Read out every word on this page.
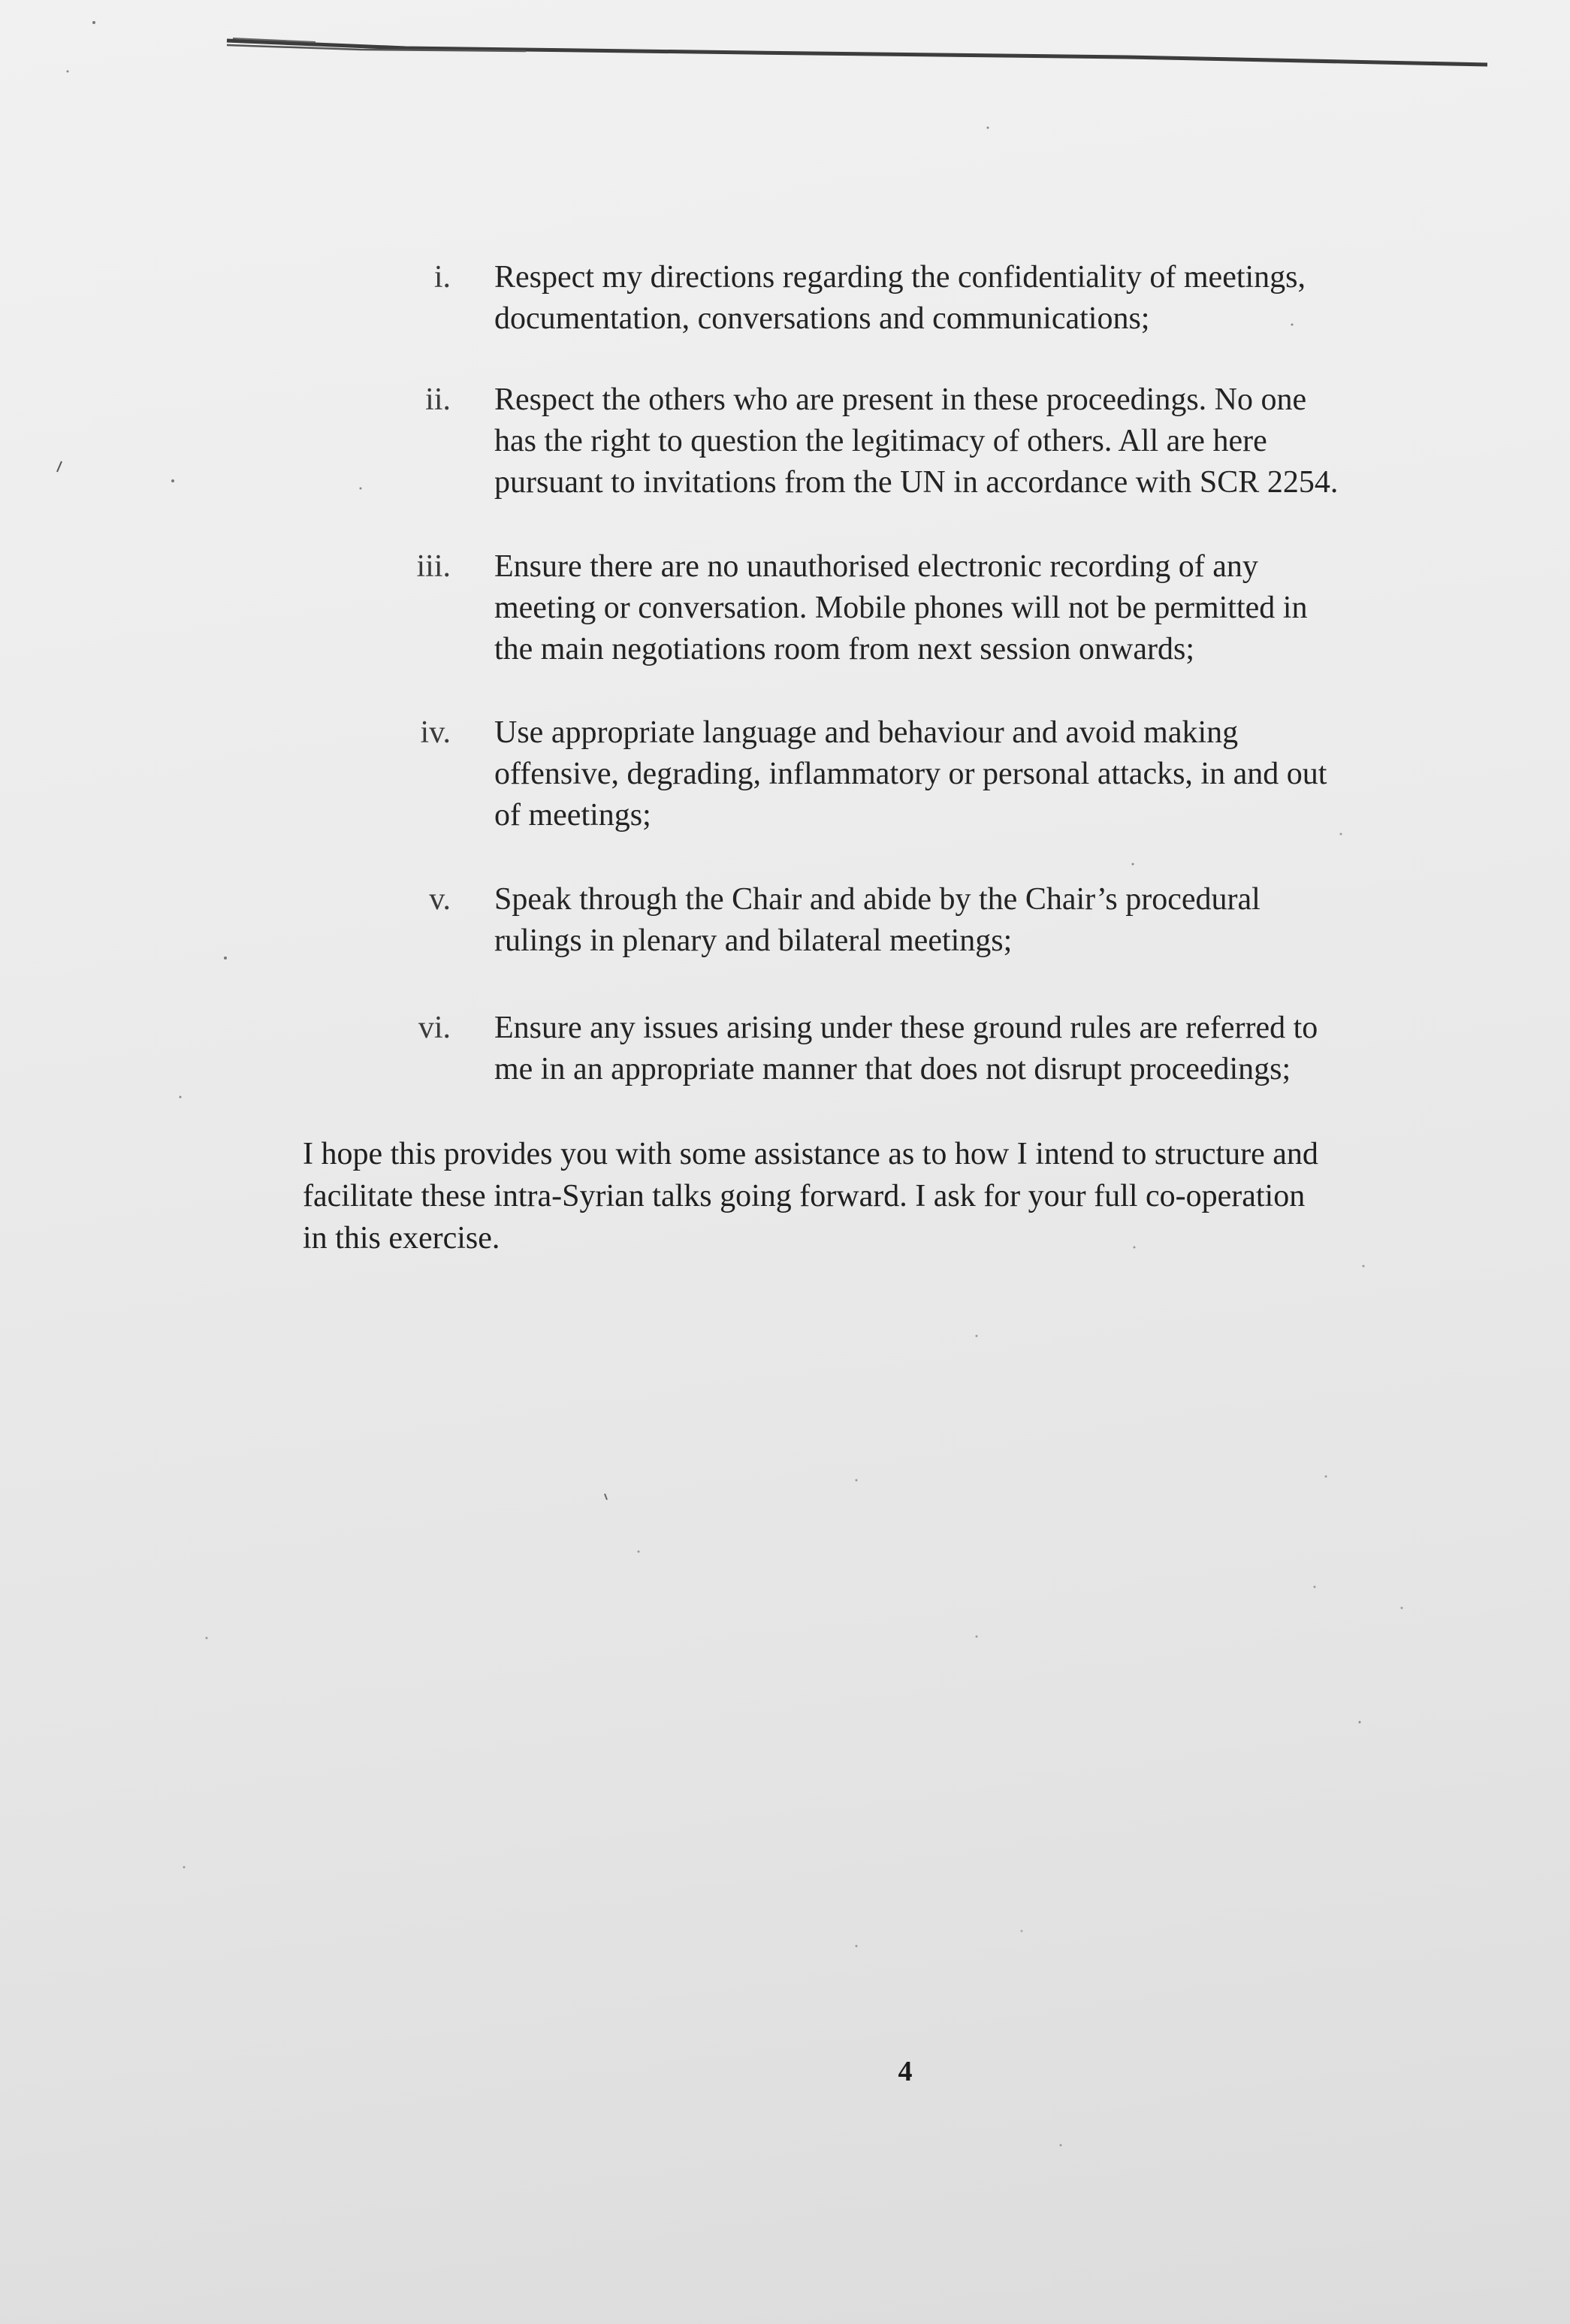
i. Respect my directions regarding the confidentiality of meetings,
documentation, conversations and communications;
ii. Respect the others who are present in these proceedings. No one
has the right to question the legitimacy of others. All are here
pursuant to invitations from the UN in accordance with SCR 2254.
iii. Ensure there are no unauthorised electronic recording of any
meeting or conversation. Mobile phones will not be permitted in
the main negotiations room from next session onwards;
iv. Use appropriate language and behaviour and avoid making
offensive, degrading, inflammatory or personal attacks, in and out
of meetings;
v. Speak through the Chair and abide by the Chair’s procedural
rulings in plenary and bilateral meetings;
vi. Ensure any issues arising under these ground rules are referred to
me in an appropriate manner that does not disrupt proceedings;
I hope this provides you with some assistance as to how I intend to structure and
facilitate these intra-Syrian talks going forward. I ask for your full co-operation
in this exercise.
4
